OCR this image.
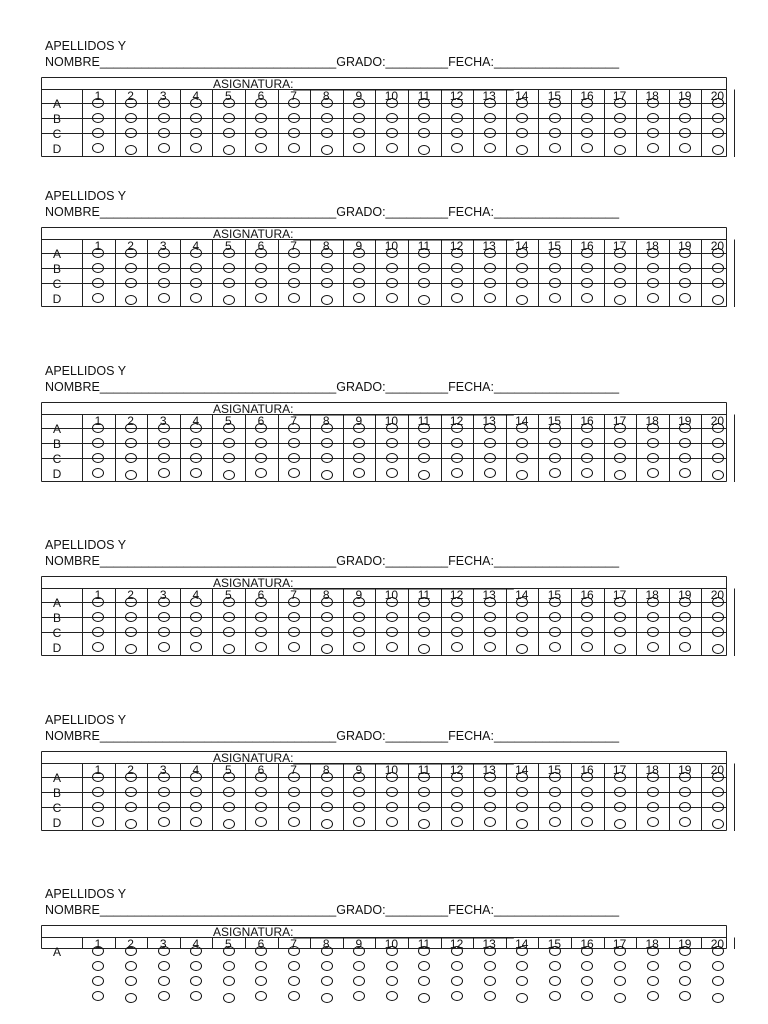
APELLIDOS Y
NOMBRE__________________________________GRADO:_________FECHA:__________________
ASIGNATURA:_________________________________
1	2	3	4	5	6	7	8	9	10	11	12	13	14	15	16	17	18	19	20
A
B
C
D
APELLIDOS Y
NOMBRE__________________________________GRADO:_________FECHA:__________________
ASIGNATURA:_________________________________
1	2	3	4	5	6	7	8	9	10	11	12	13	14	15	16	17	18	19	20
A
B
C
D
APELLIDOS Y
NOMBRE__________________________________GRADO:_________FECHA:__________________
ASIGNATURA:_________________________________
1	2	3	4	5	6	7	8	9	10	11	12	13	14	15	16	17	18	19	20
A
B
C
D
APELLIDOS Y
NOMBRE__________________________________GRADO:_________FECHA:__________________
ASIGNATURA:_________________________________
1	2	3	4	5	6	7	8	9	10	11	12	13	14	15	16	17	18	19	20
A
B
C
D
APELLIDOS Y
NOMBRE__________________________________GRADO:_________FECHA:__________________
ASIGNATURA:_________________________________
1	2	3	4	5	6	7	8	9	10	11	12	13	14	15	16	17	18	19	20
A
B
C
D
APELLIDOS Y
NOMBRE__________________________________GRADO:_________FECHA:__________________
ASIGNATURA:_________________________________
1	2	3	4	5	6	7	8	9	10	11	12	13	14	15	16	17	18	19	20
A
